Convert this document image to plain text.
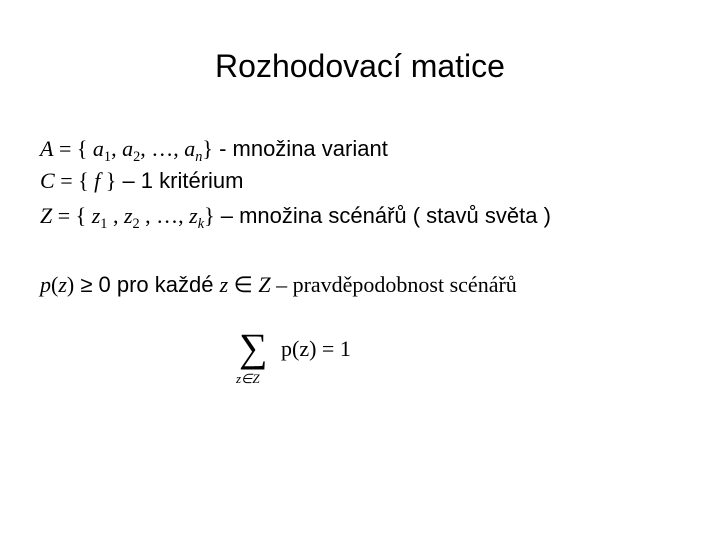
Rozhodovací matice
A = { $a_1$, $a_2$, …, $a_n$} - množina variant
C = { f } – 1 kritérium
Z = { $z_1$ , $z_2$ , …, $z_k$} – množina scénářů ( stavů světa )
p(z) ≥ 0 pro každé z ∈ Z – pravděpodobnost scénářů
∑
z∈Z
p(z) = 1
